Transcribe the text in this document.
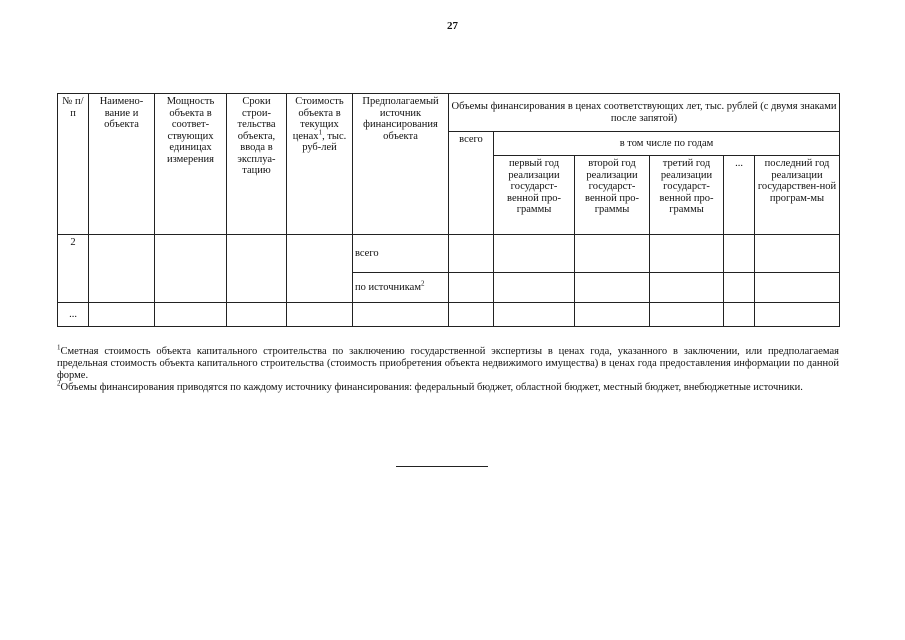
27
№ п/п	Наимено-вание и объекта	Мощность объекта в соответ-ствующих единицах измерения	Сроки строи-тельства объекта, ввода в эксплуа-тацию	Стоимость объекта в текущих ценах$^1$, тыс. руб-лей	Предполагаемый источник финансирования объекта	Объемы финансирования в ценах соответствующих лет, тыс. рублей (с двумя знаками после запятой)					
						всего	в том числе по годам				
							первый год реализации государст-венной про-граммы	второй год реализации государст-венной про-граммы	третий год реализации государст-венной про-граммы	...	последний год реализации государствен-ной програм-мы
2					всего						
					по источникам$^2$						
...											

$^1$Сметная стоимость объекта капитального строительства по заключению государственной экспертизы в ценах года, указанного в заключении, или предполагаемая предельная стоимость объекта капитального строительства (стоимость приобретения объекта недвижимого имущества) в ценах года предоставления информации по данной форме.

$^2$Объемы финансирования приводятся по каждому источнику финансирования: федеральный бюджет, областной бюджет, местный бюджет, внебюджетные источники.
